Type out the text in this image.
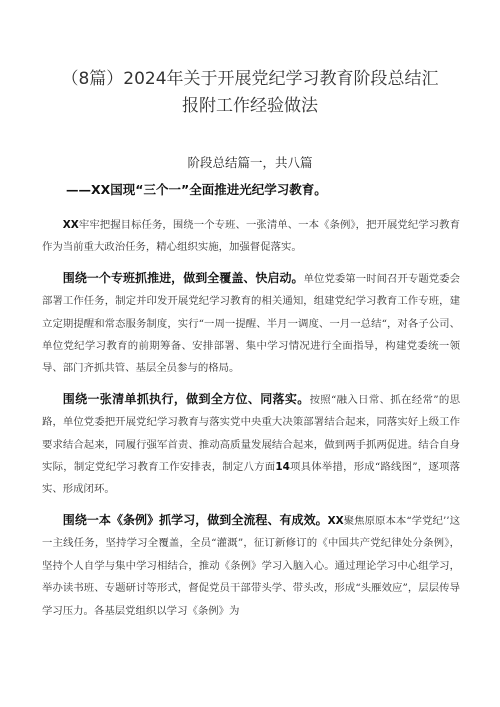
（8篇）2024年关于开展党纪学习教育阶段总结汇
报附工作经验做法
阶段总结篇一，共八篇
——XX国现“三个一”全面推进光纪学习教育。

XX牢牢把握目标任务，围绕一个专班、一张清单、一本《条例》，把开展党纪学习教育作为当前重大政治任务，精心组织实施，加强督促落实。

围绕一个专班抓推进，做到全覆盖、快启动。单位党委第一时间召开专题党委会部署工作任务，制定并印发开展党纪学习教育的相关通知，组建党纪学习教育工作专班，建立定期提醒和常态服务制度，实行“一周一提醒、半月一调度、一月一总结“，对各子公司、单位党纪学习教育的前期筹备、安排部署、集中学习情况进行全面指导，构建党委统一领导、部门齐抓共管、基层全员参与的格局。

围绕一张清单抓执行，做到全方位、同落实。按照“融入日常、抓在经常”的思路，单位党委把开展党纪学习教育与落实党中央重大决策部署结合起来，同落实好上级工作要求结合起来，同履行强军首责、推动高质量发展结合起来，做到两手抓两促进。结合自身实际，制定党纪学习教育工作安排表，制定八方面14项具体举措，形成“路线图”，逐项落实、形成闭环。

围绕一本《条例》抓学习，做到全流程、有成效。XX聚焦原原本本“学党纪’’这一主线任务，坚持学习全覆盖，全员“灌溉”，征订新修订的《中国共产党纪律处分条例》，坚持个人自学与集中学习相结合，推动《条例》学习入脑入心。通过理论学习中心组学习，举办读书班、专题研讨等形式，督促党员干部带头学、带头改，形成“头雁效应”，层层传导学习压力。各基层党组织以学习《条例》为
